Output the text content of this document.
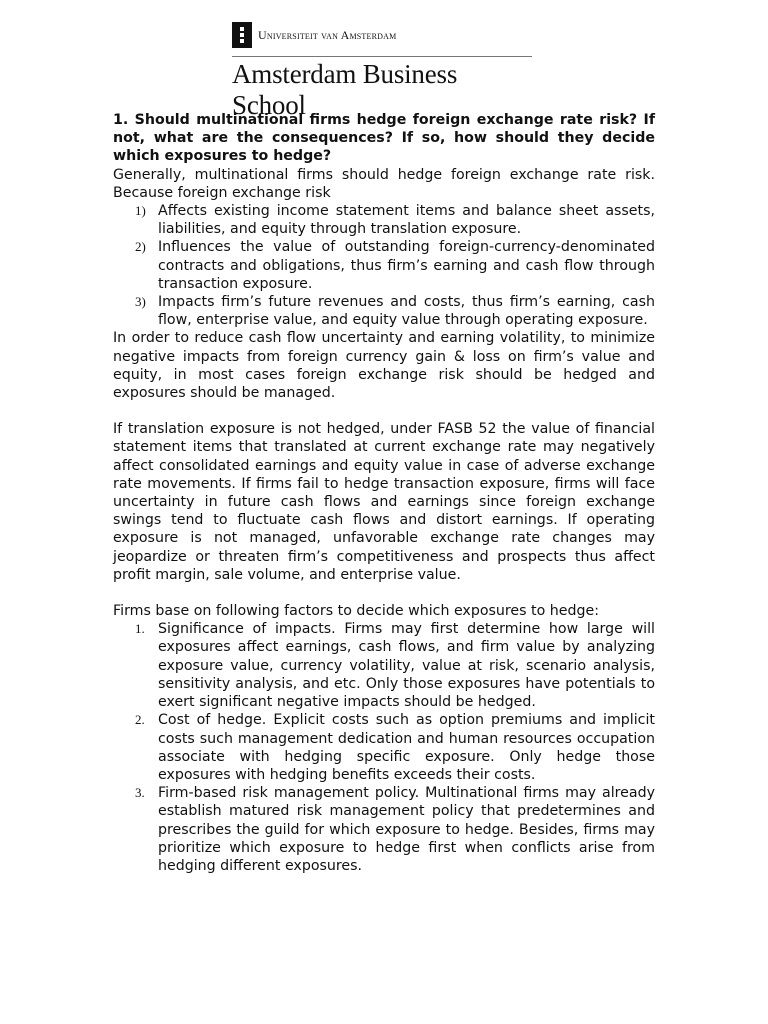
Universiteit van Amsterdam
Amsterdam Business School
1. Should multinational firms hedge foreign exchange rate risk? If not, what are the consequences? If so, how should they decide which exposures to hedge?

Generally, multinational firms should hedge foreign exchange rate risk. Because foreign exchange risk

1) Affects existing income statement items and balance sheet assets, liabilities, and equity through translation exposure.
2) Influences the value of outstanding foreign-currency-denominated contracts and obligations, thus firm’s earning and cash flow through transaction exposure.
3) Impacts firm’s future revenues and costs, thus firm’s earning, cash flow, enterprise value, and equity value through operating exposure.

In order to reduce cash flow uncertainty and earning volatility, to minimize negative impacts from foreign currency gain & loss on firm’s value and equity, in most cases foreign exchange risk should be hedged and exposures should be managed.

If translation exposure is not hedged, under FASB 52 the value of financial statement items that translated at current exchange rate may negatively affect consolidated earnings and equity value in case of adverse exchange rate movements. If firms fail to hedge transaction exposure, firms will face uncertainty in future cash flows and earnings since foreign exchange swings tend to fluctuate cash flows and distort earnings. If operating exposure is not managed, unfavorable exchange rate changes may jeopardize or threaten firm’s competitiveness and prospects thus affect profit margin, sale volume, and enterprise value.

Firms base on following factors to decide which exposures to hedge:

1. Significance of impacts. Firms may first determine how large will exposures affect earnings, cash flows, and firm value by analyzing exposure value, currency volatility, value at risk, scenario analysis, sensitivity analysis, and etc. Only those exposures have potentials to exert significant negative impacts should be hedged.
2. Cost of hedge. Explicit costs such as option premiums and implicit costs such management dedication and human resources occupation associate with hedging specific exposure. Only hedge those exposures with hedging benefits exceeds their costs.
3. Firm-based risk management policy. Multinational firms may already establish matured risk management policy that predetermines and prescribes the guild for which exposure to hedge. Besides, firms may prioritize which exposure to hedge first when conflicts arise from hedging different exposures.
